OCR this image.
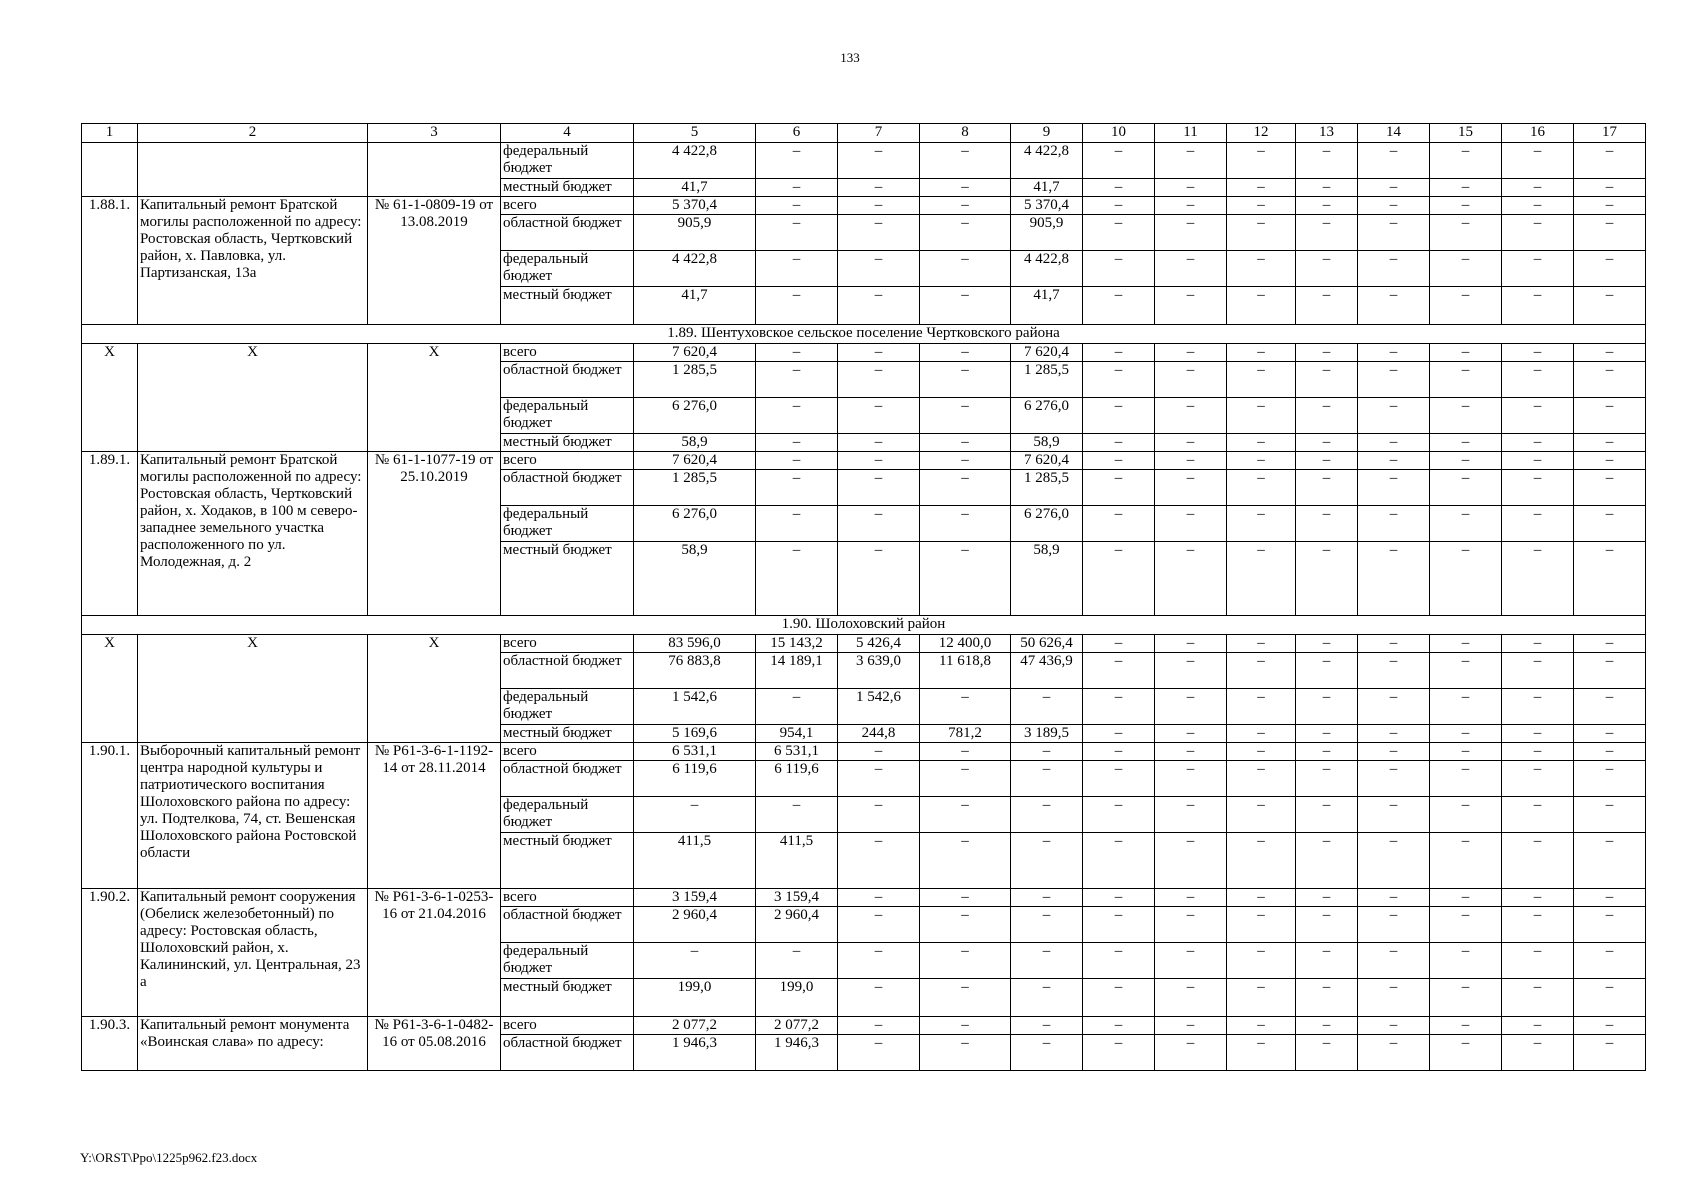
133
1	2	3	4	5	6	7	8	9	10	11	12	13	14	15	16	17
			федеральный бюджет	4 422,8	–	–	–	4 422,8	–	–	–	–	–	–	–	–
			местный бюджет	41,7	–	–	–	41,7	–	–	–	–	–	–	–	–
1.88.1.	Капитальный ремонт Братской могилы расположенной по адресу: Ростовская область, Чертковский район, х. Павловка, ул. Партизанская, 13а	№ 61-1-0809-19 от 13.08.2019	всего	5 370,4	–	–	–	5 370,4	–	–	–	–	–	–	–	–
			областной бюджет	905,9	–	–	–	905,9	–	–	–	–	–	–	–	–
			федеральный бюджет	4 422,8	–	–	–	4 422,8	–	–	–	–	–	–	–	–
			местный бюджет	41,7	–	–	–	41,7	–	–	–	–	–	–	–	–
1.89. Шентуховское сельское поселение Чертковского района																
Х	Х	Х	всего	7 620,4	–	–	–	7 620,4	–	–	–	–	–	–	–	–
			областной бюджет	1 285,5	–	–	–	1 285,5	–	–	–	–	–	–	–	–
			федеральный бюджет	6 276,0	–	–	–	6 276,0	–	–	–	–	–	–	–	–
			местный бюджет	58,9	–	–	–	58,9	–	–	–	–	–	–	–	–
1.89.1.	Капитальный ремонт Братской могилы расположенной по адресу: Ростовская область, Чертковский район, х. Ходаков, в 100 м северо-западнее земельного участка расположенного по ул. Молодежная, д. 2	№ 61-1-1077-19 от 25.10.2019	всего	7 620,4	–	–	–	7 620,4	–	–	–	–	–	–	–	–
			областной бюджет	1 285,5	–	–	–	1 285,5	–	–	–	–	–	–	–	–
			федеральный бюджет	6 276,0	–	–	–	6 276,0	–	–	–	–	–	–	–	–
			местный бюджет	58,9	–	–	–	58,9	–	–	–	–	–	–	–	–
1.90. Шолоховский район																
Х	Х	Х	всего	83 596,0	15 143,2	5 426,4	12 400,0	50 626,4	–	–	–	–	–	–	–	–
			областной бюджет	76 883,8	14 189,1	3 639,0	11 618,8	47 436,9	–	–	–	–	–	–	–	–
			федеральный бюджет	1 542,6	–	1 542,6	–	–	–	–	–	–	–	–	–	–
			местный бюджет	5 169,6	954,1	244,8	781,2	3 189,5	–	–	–	–	–	–	–	–
1.90.1.	Выборочный капитальный ремонт центра народной культуры и патриотического воспитания Шолоховского района по адресу: ул. Подтелкова, 74, ст. Вешенская Шолоховского района Ростовской области	№ Р61-3-6-1-1192-14 от 28.11.2014	всего	6 531,1	6 531,1	–	–	–	–	–	–	–	–	–	–	–
			областной бюджет	6 119,6	6 119,6	–	–	–	–	–	–	–	–	–	–	–
			федеральный бюджет	–	–	–	–	–	–	–	–	–	–	–	–	–
			местный бюджет	411,5	411,5	–	–	–	–	–	–	–	–	–	–	–
1.90.2.	Капитальный ремонт сооружения (Обелиск железобетонный) по адресу: Ростовская область, Шолоховский район, х. Калининский, ул. Центральная, 23 а	№ Р61-3-6-1-0253-16 от 21.04.2016	всего	3 159,4	3 159,4	–	–	–	–	–	–	–	–	–	–	–
			областной бюджет	2 960,4	2 960,4	–	–	–	–	–	–	–	–	–	–	–
			федеральный бюджет	–	–	–	–	–	–	–	–	–	–	–	–	–
			местный бюджет	199,0	199,0	–	–	–	–	–	–	–	–	–	–	–
1.90.3.	Капитальный ремонт монумента «Воинская слава» по адресу:	№ Р61-3-6-1-0482-16 от 05.08.2016	всего	2 077,2	2 077,2	–	–	–	–	–	–	–	–	–	–	–
			областной бюджет	1 946,3	1 946,3	–	–	–	–	–	–	–	–	–	–	–
Y:\ORST\Ppo\1225p962.f23.docx
